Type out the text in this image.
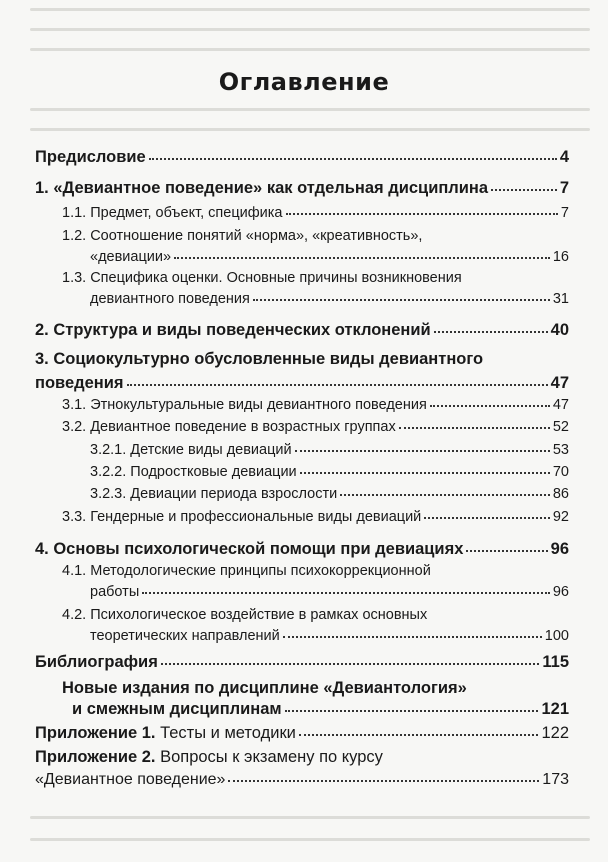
Оглавление
Предисловие	4
1. «Девиантное поведение» как отдельная дисциплина	7
1.1. Предмет, объект, специфика	7
1.2. Соотношение понятий «норма», «креативность»,
«девиации»	16
1.3. Специфика оценки. Основные причины возникновения
девиантного поведения	31
2. Структура и виды поведенческих отклонений	40
3. Социокультурно обусловленные виды девиантного
поведения	47
3.1. Этнокультуральные виды девиантного поведения	47
3.2. Девиантное поведение в возрастных группах	52
3.2.1. Детские виды девиаций	53
3.2.2. Подростковые девиации	70
3.2.3. Девиации периода взрослости	86
3.3. Гендерные и профессиональные виды девиаций	92
4. Основы психологической помощи при девиациях	96
4.1. Методологические принципы психокоррекционной
работы	96
4.2. Психологическое воздействие в рамках основных
теоретических направлений	100
Библиография	115
Новые издания по дисциплине «Девиантология»
и смежным дисциплинам	121
Приложение 1. Тесты и методики	122
Приложение 2. Вопросы к экзамену по курсу
«Девиантное поведение»	173
